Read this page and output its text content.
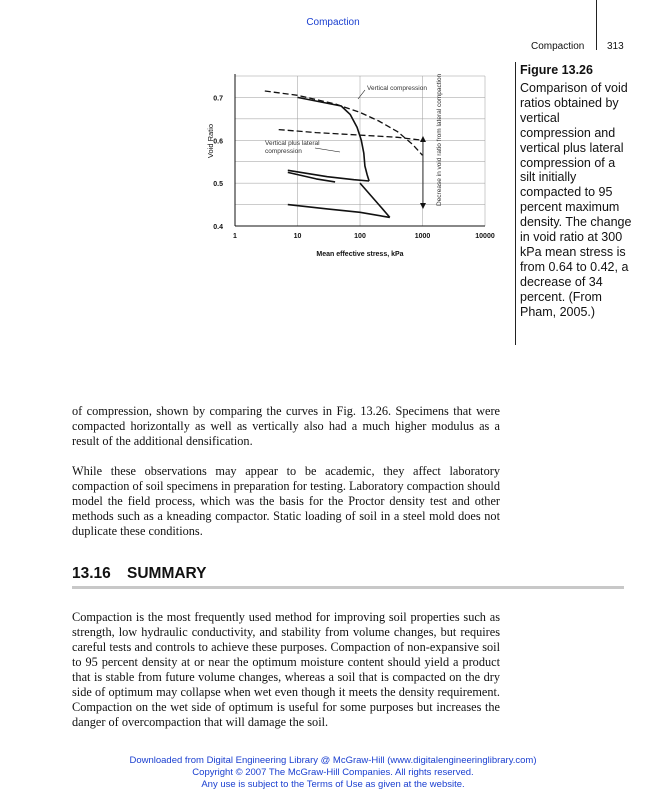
Compaction
Compaction 313
0.4
0.5
0.6
0.7
1	10	100	1000	10000
Mean effective stress, kPa
Void Ratio
Vertical compression
Vertical plus lateral compression	Decrease in void ratio from lateral compaction
Figure 13.26
Comparison of void ratios obtained by vertical compression and vertical plus lateral compression of a silt initially compacted to 95 percent maximum density. The change in void ratio at 300 kPa mean stress is from 0.64 to 0.42, a decrease of 34 percent. (From Pham, 2005.)
of compression, shown by comparing the curves in Fig. 13.26. Specimens that were compacted horizontally as well as vertically also had a much higher modulus as a result of the additional densification.
While these observations may appear to be academic, they affect laboratory compaction of soil specimens in preparation for testing. Laboratory compaction should model the field process, which was the basis for the Proctor density test and other methods such as a kneading compactor. Static loading of soil in a steel mold does not duplicate these conditions.
13.16 SUMMARY
Compaction is the most frequently used method for improving soil properties such as strength, low hydraulic conductivity, and stability from volume changes, but requires careful tests and controls to achieve these purposes. Compaction of non-expansive soil to 95 percent density at or near the optimum moisture content should yield a product that is stable from future volume changes, whereas a soil that is compacted on the dry side of optimum may collapse when wet even though it meets the density requirement. Compaction on the wet side of optimum is useful for some purposes but increases the danger of overcompaction that will damage the soil.
Downloaded from Digital Engineering Library @ McGraw-Hill (www.digitalengineeringlibrary.com)
Copyright © 2007 The McGraw-Hill Companies. All rights reserved.
Any use is subject to the Terms of Use as given at the website.
